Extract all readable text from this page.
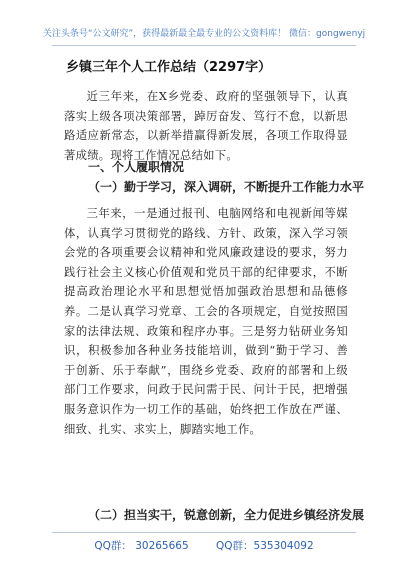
关注头条号“公文研究”，获得最新最全最专业的公文资料库！ 微信：gongwenyj
乡镇三年个人工作总结（2297字）
近三年来，在X乡党委、政府的坚强领导下，认真落实上级各项决策部署，踔厉奋发、笃行不怠，以新思路适应新常态，以新举措赢得新发展，各项工作取得显著成绩。现将工作情况总结如下。
一、个人履职情况
（一）勤于学习，深入调研，不断提升工作能力水平
三年来，一是通过报刊、电脑网络和电视新闻等媒体，认真学习贯彻党的路线、方针、政策，深入学习领会党的各项重要会议精神和党风廉政建设的要求，努力践行社会主义核心价值观和党员干部的纪律要求，不断提高政治理论水平和思想觉悟加强政治思想和品德修养。二是认真学习党章、工会的各项规定，自觉按照国家的法律法规、政策和程序办事。三是努力钻研业务知识，积极参加各种业务技能培训，做到“勤于学习、善于创新、乐于奉献”，围绕乡党委、政府的部署和上级部门工作要求，问政于民问需于民、问计于民，把增强服务意识作为一切工作的基础，始终把工作放在严谨、细致、扎实、求实上，脚踏实地工作。
（二）担当实干，锐意创新，全力促进乡镇经济发展
QQ群： 30265665	QQ群：535304092
